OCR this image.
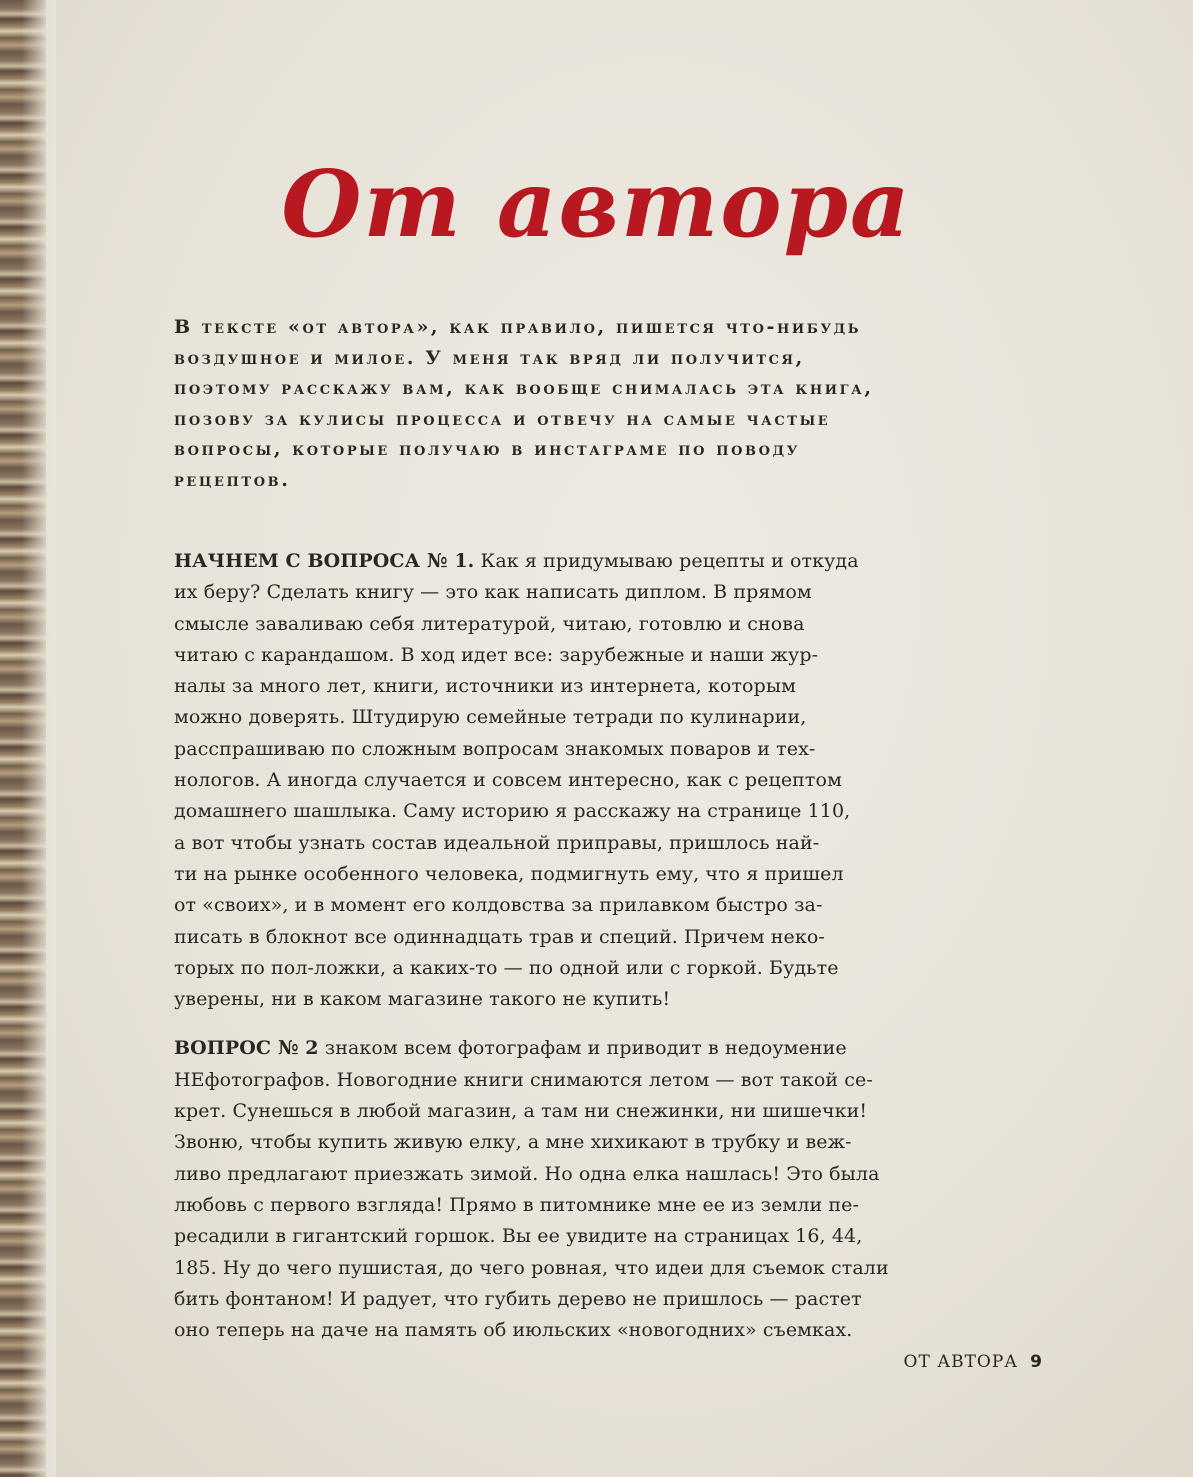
От автора
В тексте «от автора», как правило, пишется что-нибудь
воздушное и милое. У меня так вряд ли получится,
поэтому расскажу вам, как вообще снималась эта книга,
позову за кулисы процесса и отвечу на самые частые
вопросы, которые получаю в инстаграме по поводу
рецептов.

НАЧНЕМ С ВОПРОСА № 1. Как я придумываю рецепты и откуда
их беру? Сделать книгу — это как написать диплом. В прямом
смысле заваливаю себя литературой, читаю, готовлю и снова
читаю с карандашом. В ход идет все: зарубежные и наши жур-
налы за много лет, книги, источники из интернета, которым
можно доверять. Штудирую семейные тетради по кулинарии,
расспрашиваю по сложным вопросам знакомых поваров и тех-
нологов. А иногда случается и совсем интересно, как с рецептом
домашнего шашлыка. Саму историю я расскажу на странице 110,
а вот чтобы узнать состав идеальной приправы, пришлось най-
ти на рынке особенного человека, подмигнуть ему, что я пришел
от «своих», и в момент его колдовства за прилавком быстро за-
писать в блокнот все одиннадцать трав и специй. Причем неко-
торых по пол-ложки, а каких-то — по одной или с горкой. Будьте
уверены, ни в каком магазине такого не купить!

ВОПРОС № 2 знаком всем фотографам и приводит в недоумение
НЕфотографов. Новогодние книги снимаются летом — вот такой се-
крет. Сунешься в любой магазин, а там ни снежинки, ни шишечки!
Звоню, чтобы купить живую елку, а мне хихикают в трубку и веж-
ливо предлагают приезжать зимой. Но одна елка нашлась! Это была
любовь с первого взгляда! Прямо в питомнике мне ее из земли пе-
ресадили в гигантский горшок. Вы ее увидите на страницах 16, 44,
185. Ну до чего пушистая, до чего ровная, что идеи для съемок стали
бить фонтаном! И радует, что губить дерево не пришлось — растет
оно теперь на даче на память об июльских «новогодних» съемках.

ОТ АВТОРА 9
